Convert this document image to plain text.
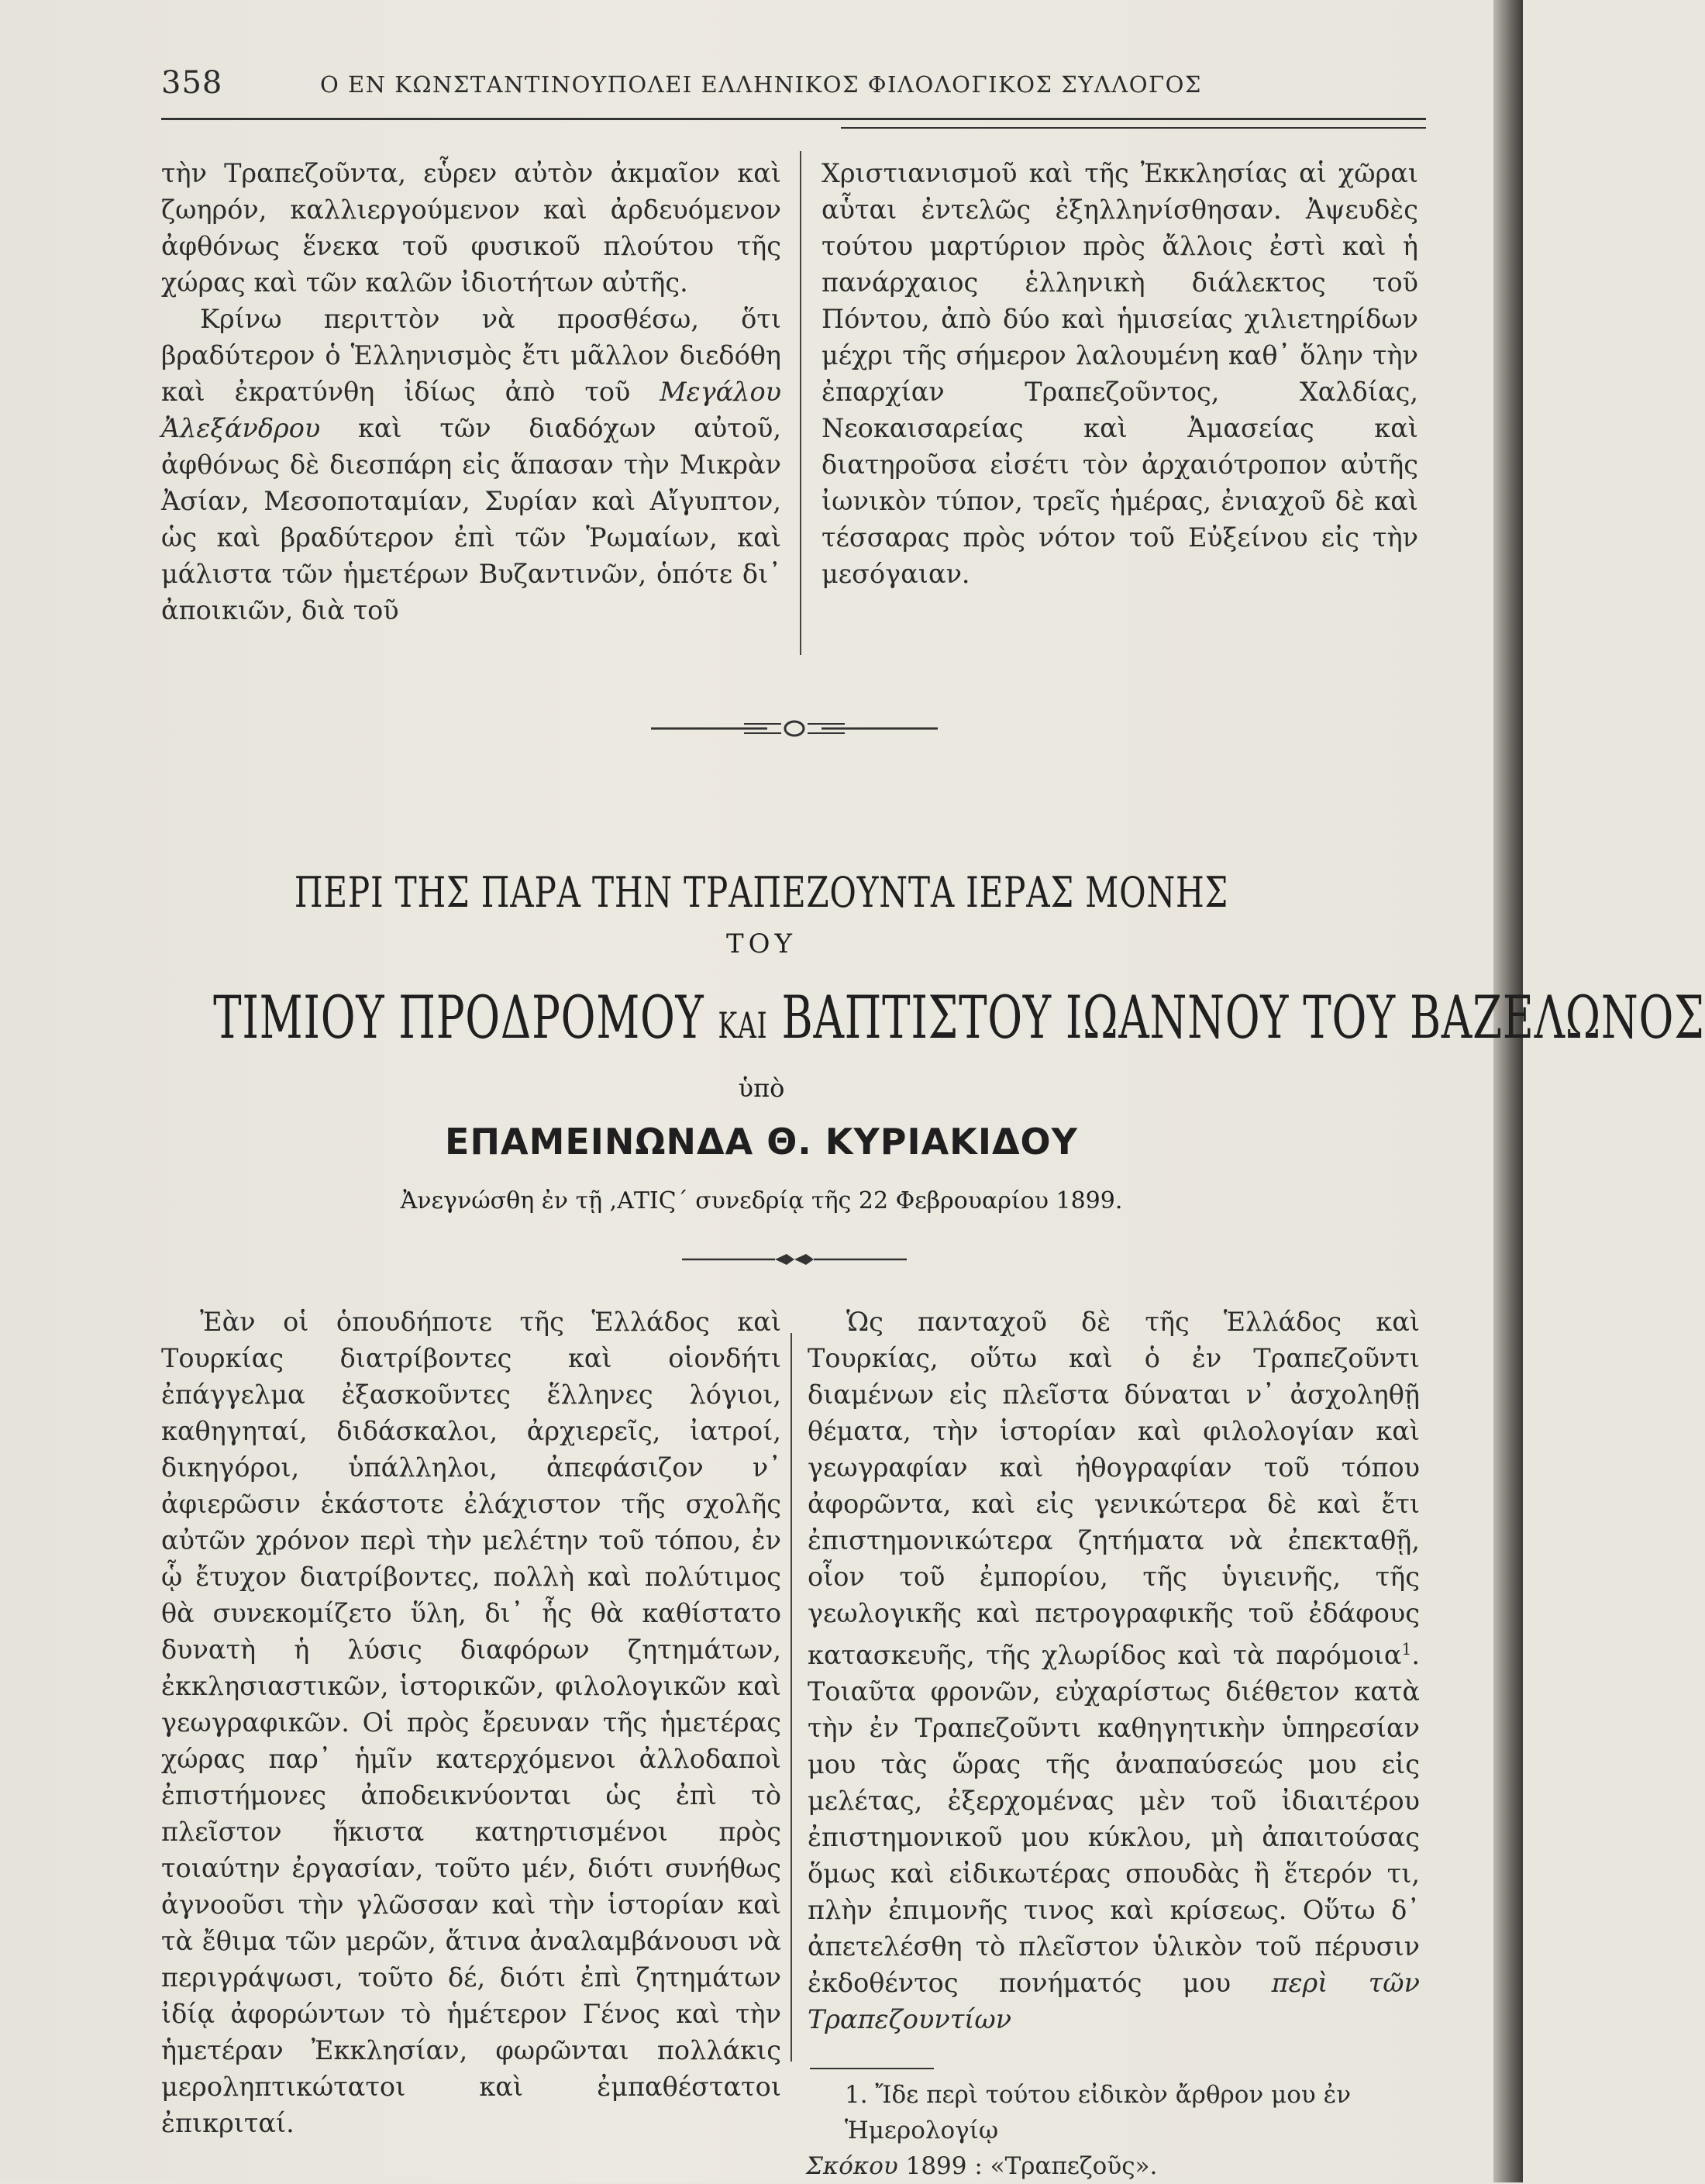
358	Ο ΕΝ ΚΩΝΣΤΑΝΤΙΝΟΥΠΟΛΕΙ ΕΛΛΗΝΙΚΟΣ ΦΙΛΟΛΟΓΙΚΟΣ ΣΥΛΛΟΓΟΣ

τὴν Τραπεζοῦντα, εὗρεν αὐτὸν ἀκμαῖον καὶ ζωηρόν, καλλιεργούμενον καὶ ἀρδευόμενον ἀφθόνως ἕνεκα τοῦ φυσικοῦ πλούτου τῆς χώρας καὶ τῶν καλῶν ἰδιοτήτων αὐτῆς.

Κρίνω περιττὸν νὰ προσθέσω, ὅτι βραδύτερον ὁ Ἑλληνισμὸς ἔτι μᾶλλον διεδόθη καὶ ἐκρατύνθη ἰδίως ἀπὸ τοῦ Μεγάλου Ἀλεξάνδρου καὶ τῶν διαδόχων αὐτοῦ, ἀφθόνως δὲ διεσπάρη εἰς ἅπασαν τὴν Μικρὰν Ἀσίαν, Μεσοποταμίαν, Συρίαν καὶ Αἴγυπτον, ὡς καὶ βραδύτερον ἐπὶ τῶν Ῥωμαίων, καὶ μάλιστα τῶν ἡμετέρων Βυζαντινῶν, ὁπότε δι᾽ ἀποικιῶν, διὰ τοῦ

Χριστιανισμοῦ καὶ τῆς Ἐκκλησίας αἱ χῶραι αὗται ἐντελῶς ἐξηλληνίσθησαν. Ἀψευδὲς τούτου μαρτύριον πρὸς ἄλλοις ἐστὶ καὶ ἡ πανάρχαιος ἑλληνικὴ διάλεκτος τοῦ Πόντου, ἀπὸ δύο καὶ ἡμισείας χιλιετηρίδων μέχρι τῆς σήμερον λαλουμένη καθ᾽ ὅλην τὴν ἐπαρχίαν Τραπεζοῦντος, Χαλδίας, Νεοκαισαρείας καὶ Ἀμασείας καὶ διατηροῦσα εἰσέτι τὸν ἀρχαιότροπον αὐτῆς ἰωνικὸν τύπον, τρεῖς ἡμέρας, ἐνιαχοῦ δὲ καὶ τέσσαρας πρὸς νότον τοῦ Εὐξείνου εἰς τὴν μεσόγαιαν.

ΠΕΡΙ ΤΗΣ ΠΑΡΑ ΤΗΝ ΤΡΑΠΕΖΟΥΝΤΑ ΙΕΡΑΣ ΜΟΝΗΣ
ΤΟΥ
ΤΙΜΙΟΥ ΠΡΟΔΡΟΜΟΥ ΚΑΙ ΒΑΠΤΙΣΤΟΥ ΙΩΑΝΝΟΥ ΤΟΥ ΒΑΖΕΛΩΝΟΣ
ὑπὸ
ΕΠΑΜΕΙΝΩΝΔΑ Θ. ΚΥΡΙΑΚΙΔΟΥ
Ἀνεγνώσθη ἐν τῇ ,ΑΤΙϚ΄ συνεδρίᾳ τῆς 22 Φεβρουαρίου 1899.

Ἐὰν οἱ ὁπουδήποτε τῆς Ἑλλάδος καὶ Τουρκίας διατρίβοντες καὶ οἱονδήτι ἐπάγγελμα ἐξασκοῦντες ἕλληνες λόγιοι, καθηγηταί, διδάσκαλοι, ἀρχιερεῖς, ἰατροί, δικηγόροι, ὑπάλληλοι, ἀπεφάσιζον ν᾽ ἀφιερῶσιν ἑκάστοτε ἐλάχιστον τῆς σχολῆς αὐτῶν χρόνον περὶ τὴν μελέτην τοῦ τόπου, ἐν ᾧ ἔτυχον διατρίβοντες, πολλὴ καὶ πολύτιμος θὰ συνεκομίζετο ὕλη, δι᾽ ἧς θὰ καθίστατο δυνατὴ ἡ λύσις διαφόρων ζητημάτων, ἐκκλησιαστικῶν, ἱστορικῶν, φιλολογικῶν καὶ γεωγραφικῶν. Οἱ πρὸς ἔρευναν τῆς ἡμετέρας χώρας παρ᾽ ἡμῖν κατερχόμενοι ἀλλοδαποὶ ἐπιστήμονες ἀποδεικνύονται ὡς ἐπὶ τὸ πλεῖστον ἥκιστα κατηρτισμένοι πρὸς τοιαύτην ἐργασίαν, τοῦτο μέν, διότι συνήθως ἀγνοοῦσι τὴν γλῶσσαν καὶ τὴν ἱστορίαν καὶ τὰ ἔθιμα τῶν μερῶν, ἅτινα ἀναλαμβάνουσι νὰ περιγράψωσι, τοῦτο δέ, διότι ἐπὶ ζητημάτων ἰδίᾳ ἀφορώντων τὸ ἡμέτερον Γένος καὶ τὴν ἡμετέραν Ἐκκλησίαν, φωρῶνται πολλάκις μεροληπτικώτατοι καὶ ἐμπαθέστατοι ἐπικριταί.

Ὡς πανταχοῦ δὲ τῆς Ἑλλάδος καὶ Τουρκίας, οὕτω καὶ ὁ ἐν Τραπεζοῦντι διαμένων εἰς πλεῖστα δύναται ν᾽ ἀσχοληθῇ θέματα, τὴν ἱστορίαν καὶ φιλολογίαν καὶ γεωγραφίαν καὶ ἠθογραφίαν τοῦ τόπου ἀφορῶντα, καὶ εἰς γενικώτερα δὲ καὶ ἔτι ἐπιστημονικώτερα ζητήματα νὰ ἐπεκταθῇ, οἷον τοῦ ἐμπορίου, τῆς ὑγιεινῆς, τῆς γεωλογικῆς καὶ πετρογραφικῆς τοῦ ἐδάφους κατασκευῆς, τῆς χλωρίδος καὶ τὰ παρόμοια$^1$. Τοιαῦτα φρονῶν, εὐχαρίστως διέθετον κατὰ τὴν ἐν Τραπεζοῦντι καθηγητικὴν ὑπηρεσίαν μου τὰς ὥρας τῆς ἀναπαύσεώς μου εἰς μελέτας, ἐξερχομένας μὲν τοῦ ἰδιαιτέρου ἐπιστημονικοῦ μου κύκλου, μὴ ἀπαιτούσας ὅμως καὶ εἰδικωτέρας σπουδὰς ἢ ἕτερόν τι, πλὴν ἐπιμονῆς τινος καὶ κρίσεως. Οὕτω δ᾽ ἀπετελέσθη τὸ πλεῖστον ὑλικὸν τοῦ πέρυσιν ἐκδοθέντος πονήματός μου περὶ τῶν Τραπεζουντίων

1. Ἴδε περὶ τούτου εἰδικὸν ἄρθρον μου ἐν Ἡμερολογίῳ
Σκόκου 1899 : «Τραπεζοῦς».
